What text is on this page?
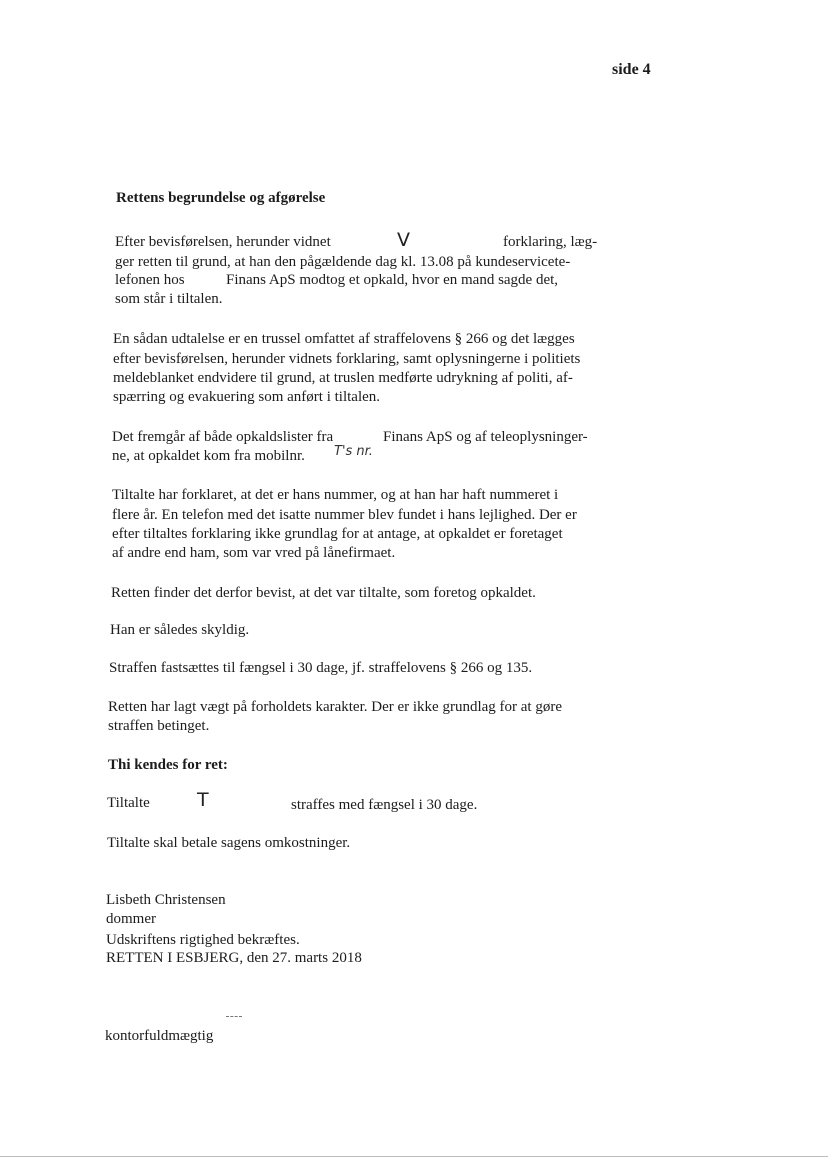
side 4
Rettens begrundelse og afgørelse
Efter bevisførelsen, herunder vidnet	V	forklaring, læg-
ger retten til grund, at han den pågældende dag kl. 13.08 på kundeservicete-
lefonen hos	Finans ApS modtog et opkald, hvor en mand sagde det,
som står i tiltalen.
En sådan udtalelse er en trussel omfattet af straffelovens § 266 og det lægges
efter bevisførelsen, herunder vidnets forklaring, samt oplysningerne i politiets
meldeblanket endvidere til grund, at truslen medførte udrykning af politi, af-
spærring og evakuering som anført i tiltalen.
Det fremgår af både opkaldslister fra	Finans ApS og af teleoplysninger-
ne, at opkaldet kom fra mobilnr. T's nr.
Tiltalte har forklaret, at det er hans nummer, og at han har haft nummeret i
flere år. En telefon med det isatte nummer blev fundet i hans lejlighed. Der er
efter tiltaltes forklaring ikke grundlag for at antage, at opkaldet er foretaget
af andre end ham, som var vred på lånefirmaet.
Retten finder det derfor bevist, at det var tiltalte, som foretog opkaldet.
Han er således skyldig.
Straffen fastsættes til fængsel i 30 dage, jf. straffelovens § 266 og 135.
Retten har lagt vægt på forholdets karakter. Der er ikke grundlag for at gøre
straffen betinget.
Thi kendes for ret:
Tiltalte T	straffes med fængsel i 30 dage.
Tiltalte skal betale sagens omkostninger.
Lisbeth Christensen
dommer
Udskriftens rigtighed bekræftes.
RETTEN I ESBJERG, den 27. marts 2018
kontorfuldmægtig
